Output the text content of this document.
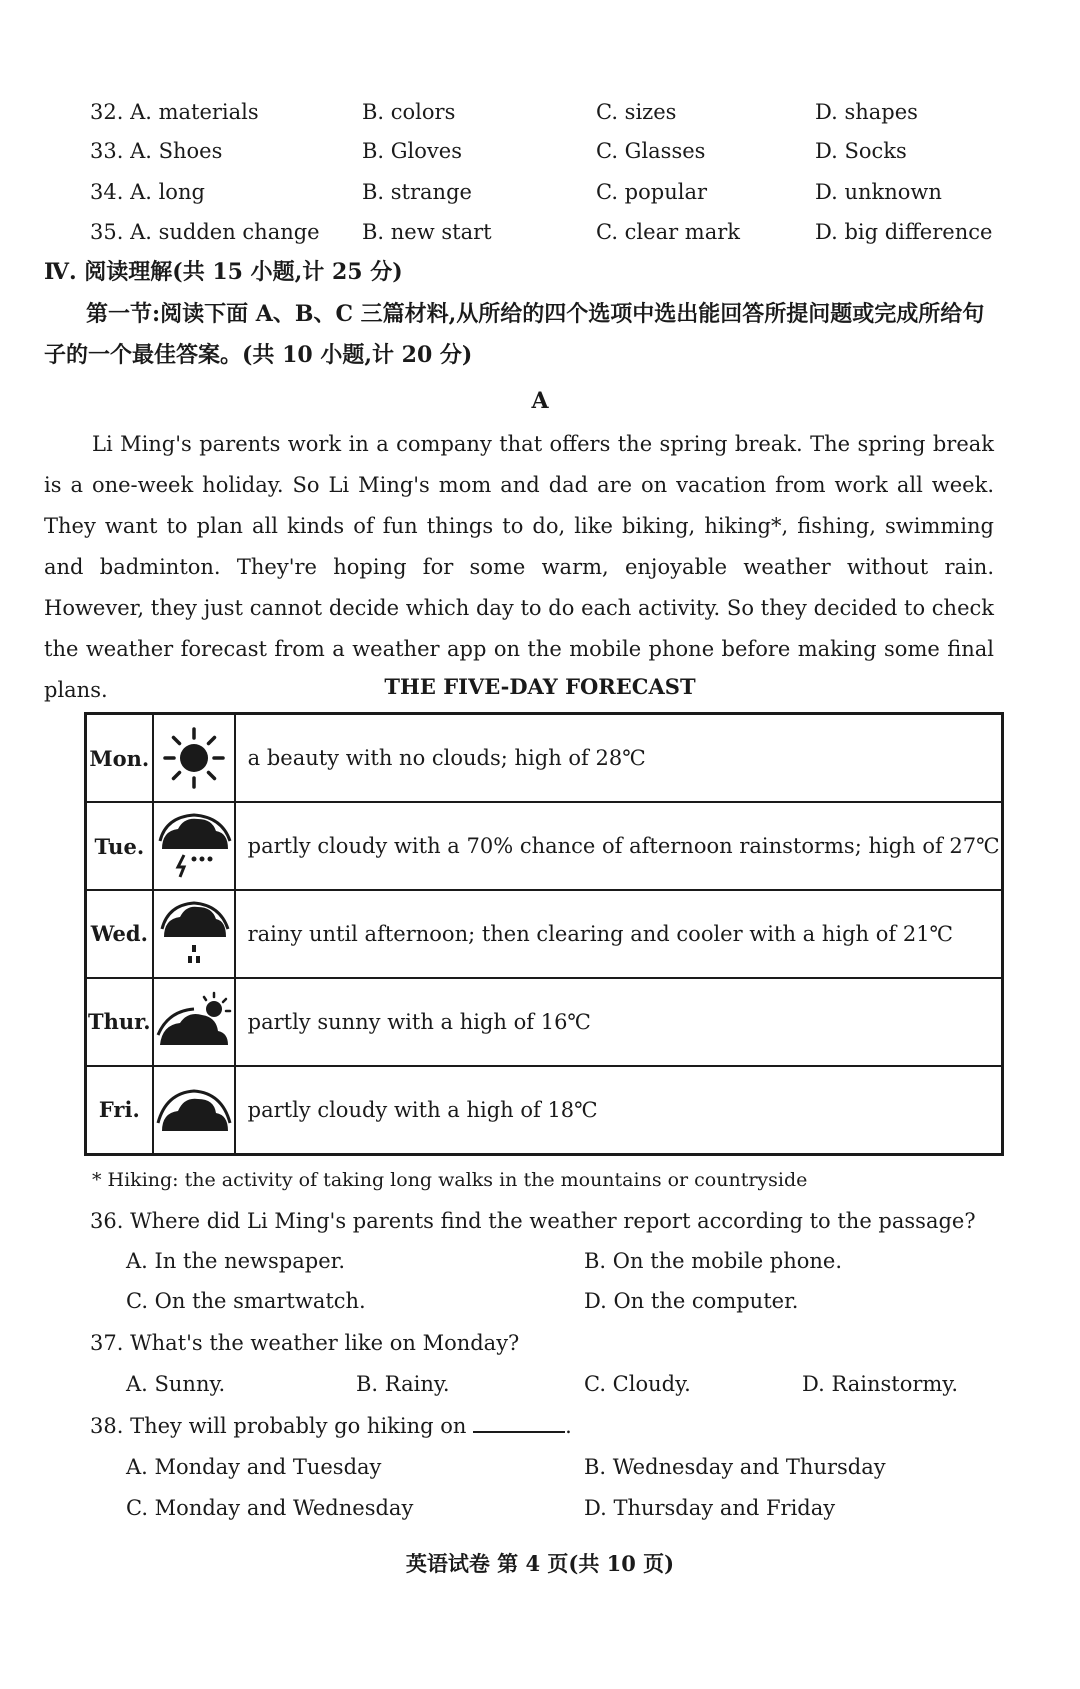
32. A. materials	B. colors	C. sizes	D. shapes
33. A. Shoes	B. Gloves	C. Glasses	D. Socks
34. A. long	B. strange	C. popular	D. unknown
35. A. sudden change B. new start	C. clear mark	D. big difference
Ⅳ. 阅读理解(共 15 小题,计 25 分)
第一节:阅读下面 A、B、C 三篇材料,从所给的四个选项中选出能回答所提问题或完成所给句子的一个最佳答案。(共 10 小题,计 20 分)
A

Li Ming's parents work in a company that offers the spring break. The spring break is a one-week holiday. So Li Ming's mom and dad are on vacation from work all week. They want to plan all kinds of fun things to do, like biking, hiking*, fishing, swimming and badminton. They're hoping for some warm, enjoyable weather without rain. However, they just cannot decide which day to do each activity. So they decided to check the weather forecast from a weather app on the mobile phone before making some final plans.	THE FIVE-DAY FORECAST
Mon.		a beauty with no clouds; high of 28℃
Tue.		partly cloudy with a 70% chance of afternoon rainstorms; high of 27℃
Wed.		rainy until afternoon; then clearing and cooler with a high of 21℃
Thur.		partly sunny with a high of 16℃
Fri.		partly cloudy with a high of 18℃
* Hiking: the activity of taking long walks in the mountains or countryside
36. Where did Li Ming's parents find the weather report according to the passage?
A. In the newspaper.	B. On the mobile phone.
C. On the smartwatch.	D. On the computer.
37. What's the weather like on Monday?
A. Sunny.	B. Rainy.	C. Cloudy.	D. Rainstormy.
38. They will probably go hiking on	.
A. Monday and Tuesday	B. Wednesday and Thursday
C. Monday and Wednesday	D. Thursday and Friday
英语试卷 第 4 页(共 10 页)
